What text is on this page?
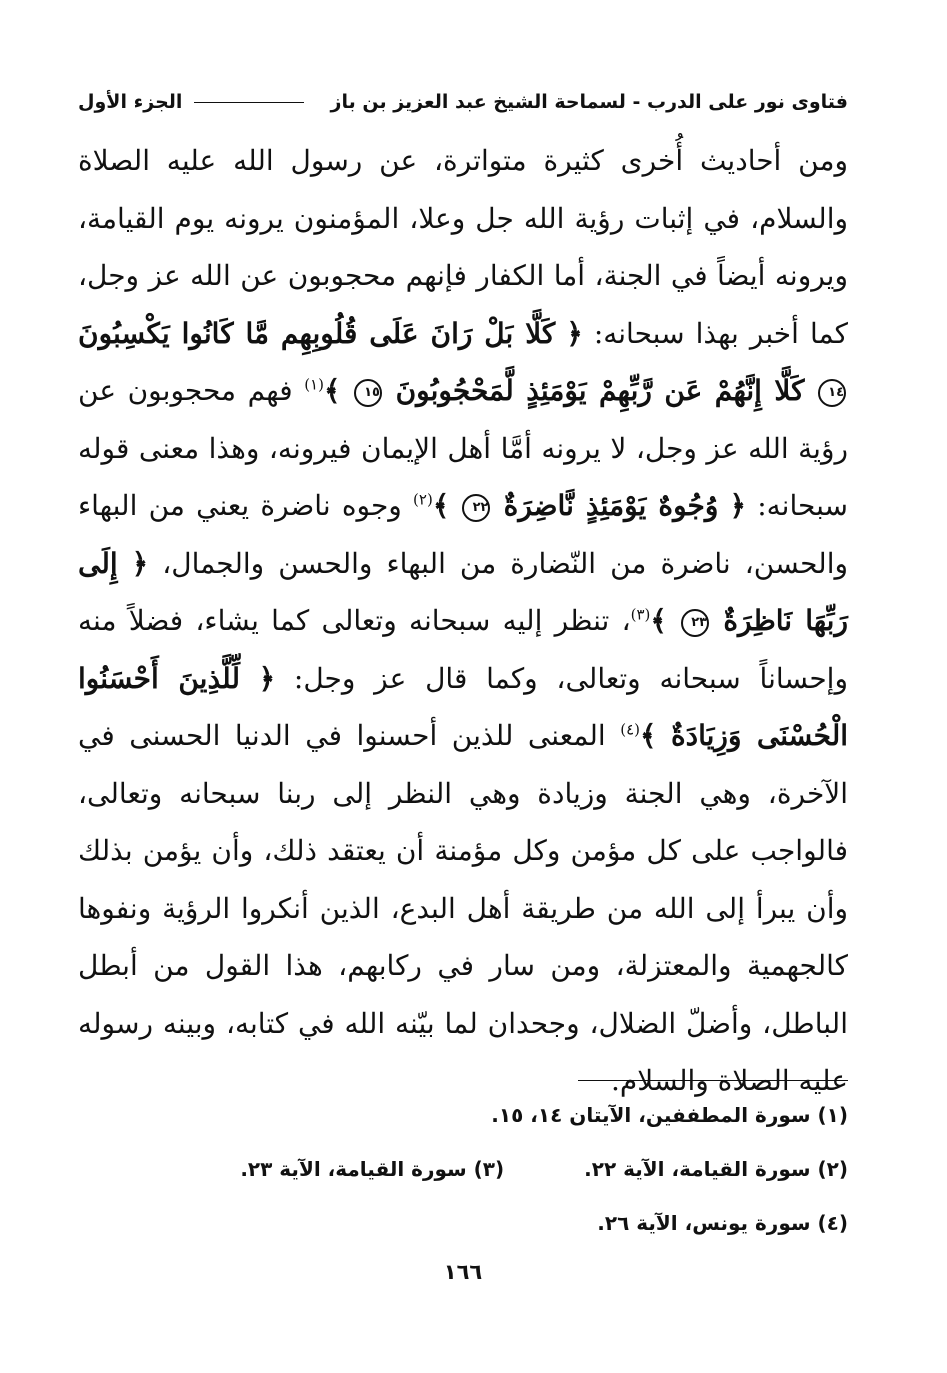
فتاوى نور على الدرب - لسماحة الشيخ عبد العزيز بن باز
الجزء الأول

ومن أحاديث أُخرى كثيرة متواترة، عن رسول الله عليه الصلاة والسلام، في إثبات رؤية الله جل وعلا، المؤمنون يرونه يوم القيامة، ويرونه أيضاً في الجنة، أما الكفار فإنهم محجوبون عن الله عز وجل، كما أخبر بهذا سبحانه: ﴿ كَلَّا بَلْ رَانَ عَلَى قُلُوبِهِم مَّا كَانُوا يَكْسِبُونَ ١٤ كَلَّا إِنَّهُمْ عَن رَّبِّهِمْ يَوْمَئِذٍ لَّمَحْجُوبُونَ ١٥ ﴾$^{(١)}$ فهم محجوبون عن رؤية الله عز وجل، لا يرونه أمَّا أهل الإيمان فيرونه، وهذا معنى قوله سبحانه: ﴿ وُجُوهٌ يَوْمَئِذٍ نَّاضِرَةٌ ٢٢ ﴾$^{(٢)}$ وجوه ناضرة يعني من البهاء والحسن، ناضرة من النّضارة من البهاء والحسن والجمال، ﴿ إِلَى رَبِّهَا نَاظِرَةٌ ٢٣ ﴾$^{(٣)}$، تنظر إليه سبحانه وتعالى كما يشاء، فضلاً منه وإحساناً سبحانه وتعالى، وكما قال عز وجل: ﴿ لِّلَّذِينَ أَحْسَنُوا الْحُسْنَى وَزِيَادَةٌ ﴾$^{(٤)}$ المعنى للذين أحسنوا في الدنيا الحسنى في الآخرة، وهي الجنة وزيادة وهي النظر إلى ربنا سبحانه وتعالى، فالواجب على كل مؤمن وكل مؤمنة أن يعتقد ذلك، وأن يؤمن بذلك وأن يبرأ إلى الله من طريقة أهل البدع، الذين أنكروا الرؤية ونفوها كالجهمية والمعتزلة، ومن سار في ركابهم، هذا القول من أبطل الباطل، وأضلّ الضلال، وجحدان لما بيّنه الله في كتابه، وبينه رسوله عليه الصلاة والسلام.

(١) سورة المطففين، الآيتان ١٤، ١٥.
(٢) سورة القيامة، الآية ٢٢.
(٣) سورة القيامة، الآية ٢٣.
(٤) سورة يونس، الآية ٢٦.
١٦٦
